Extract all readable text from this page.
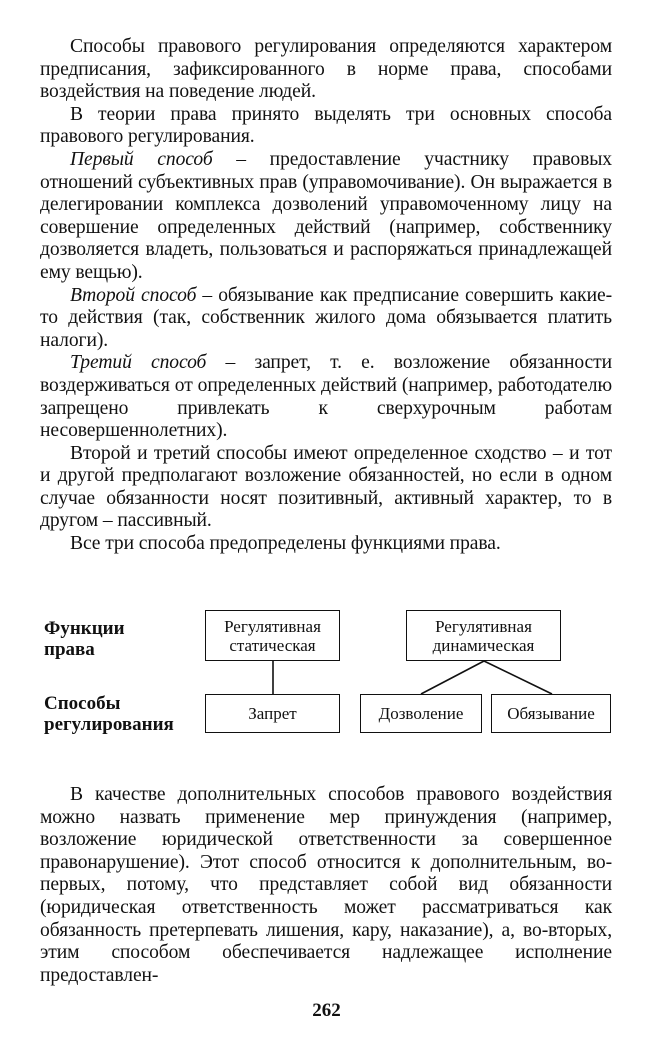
Способы правового регулирования определяются характером предписания, зафиксированного в норме права, способами воздействия на поведение людей.

В теории права принято выделять три основных способа правового регулирования.

Первый способ – предоставление участнику правовых отношений субъективных прав (управомочивание). Он выражается в делегировании комплекса дозволений управомоченному лицу на совершение определенных действий (например, собственнику дозволяется владеть, пользоваться и распоряжаться принадлежащей ему вещью).

Второй способ – обязывание как предписание совершить какие-то действия (так, собственник жилого дома обязывается платить налоги).

Третий способ – запрет, т. е. возложение обязанности воздерживаться от определенных действий (например, работодателю запрещено привлекать к сверхурочным работам несовершеннолетних).

Второй и третий способы имеют определенное сходство – и тот и другой предполагают возложение обязанностей, но если в одном случае обязанности носят позитивный, активный характер, то в другом – пассивный.

Все три способа предопределены функциями права.

Функции
права
Способы
регулирования
Регулятивная
статическая
Регулятивная
динамическая
Запрет	Дозволение	Обязывание

В качестве дополнительных способов правового воздействия можно назвать применение мер принуждения (например, возложение юридической ответственности за совершенное правонарушение). Этот способ относится к дополнительным, во-первых, потому, что представляет собой вид обязанности (юридическая ответственность может рассматриваться как обязанность претерпевать лишения, кару, наказание), а, во-вторых, этим способом обеспечивается надлежащее исполнение предоставлен-

262
